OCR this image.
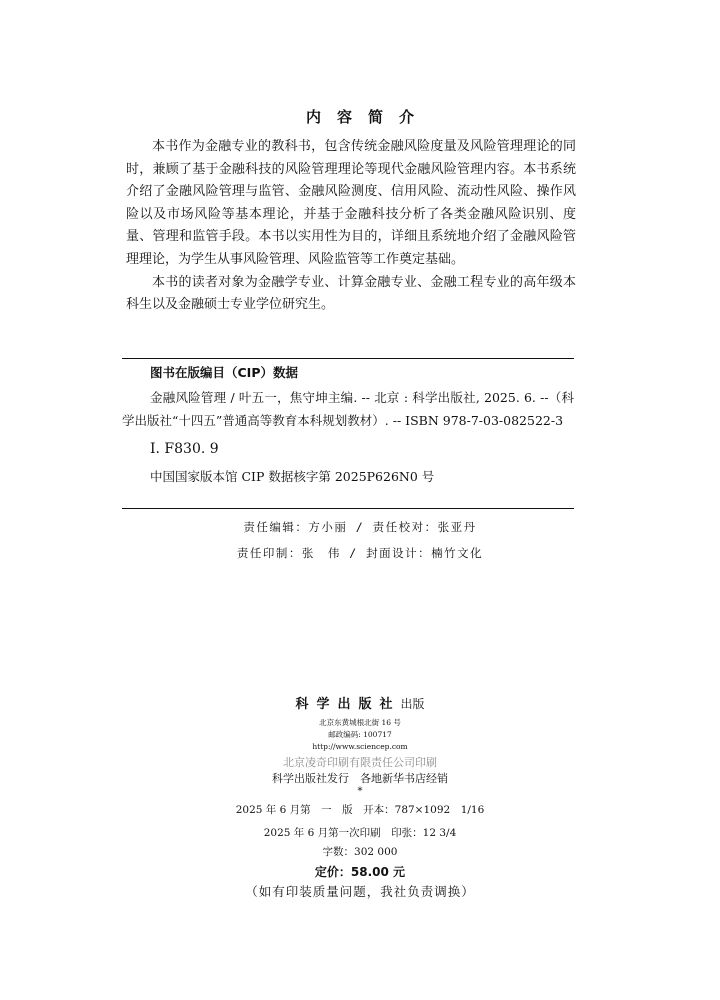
内容简介

本书作为金融专业的教科书，包含传统金融风险度量及风险管理理论的同时，兼顾了基于金融科技的风险管理理论等现代金融风险管理内容。本书系统介绍了金融风险管理与监管、金融风险测度、信用风险、流动性风险、操作风险以及市场风险等基本理论，并基于金融科技分析了各类金融风险识别、度量、管理和监管手段。本书以实用性为目的，详细且系统地介绍了金融风险管理理论，为学生从事风险管理、风险监管等工作奠定基础。

本书的读者对象为金融学专业、计算金融专业、金融工程专业的高年级本科生以及金融硕士专业学位研究生。

图书在版编目（CIP）数据

金融风险管理 / 叶五一，焦守坤主编. -- 北京 : 科学出版社, 2025. 6. --（科学出版社“十四五”普通高等教育本科规划教材）. -- ISBN 978-7-03-082522-3

Ⅰ. F830. 9
中国国家版本馆 CIP 数据核字第 2025P626N0 号
责任编辑：方小丽 / 责任校对：张亚丹
责任印制：张　伟 / 封面设计：楠竹文化
科学出版社出版
北京东黄城根北街 16 号
邮政编码: 100717
http://www.sciencep.com
北京凌奇印刷有限责任公司印刷
科学出版社发行　各地新华书店经销
*
2025 年 6 月第　一　版　开本：787×1092　1/16
2025 年 6 月第一次印刷　印张：12 3/4
字数：302 000
定价：58.00 元
（如有印装质量问题，我社负责调换）
